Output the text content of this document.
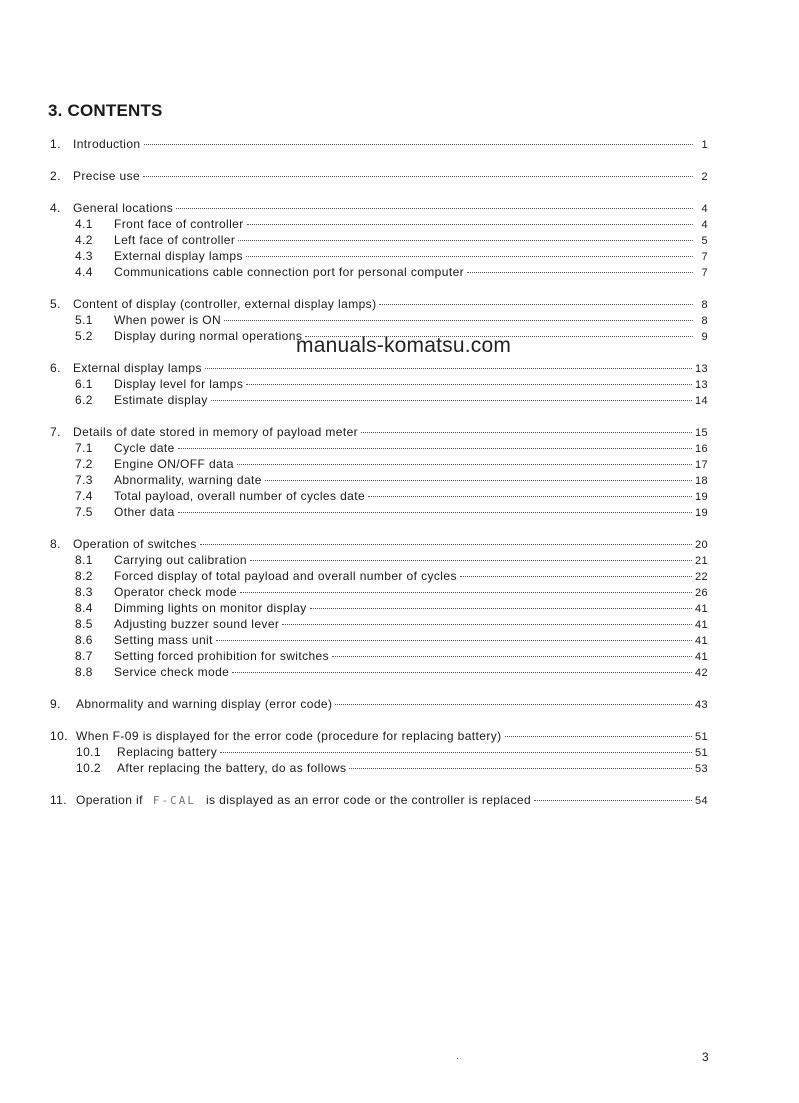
3. CONTENTS
1.	Introduction	1
2.	Precise use	2
4.	General locations	4
4.1	Front face of controller	4
4.2	Left face of controller	5
4.3	External display lamps	7
4.4	Communications cable connection port for personal computer	7
5.	Content of display (controller, external display lamps)	8
5.1	When power is ON	8
5.2	Display during normal operations	9
6.	External display lamps	13
6.1	Display level for lamps	13
6.2	Estimate display	14
7.	Details of date stored in memory of payload meter	15
7.1	Cycle date	16
7.2	Engine ON/OFF data	17
7.3	Abnormality, warning date	18
7.4	Total payload, overall number of cycles date	19
7.5	Other data	19
8.	Operation of switches	20
8.1	Carrying out calibration	21
8.2	Forced display of total payload and overall number of cycles	22
8.3	Operator check mode	26
8.4	Dimming lights on monitor display	41
8.5	Adjusting buzzer sound lever	41
8.6	Setting mass unit	41
8.7	Setting forced prohibition for switches	41
8.8	Service check mode	42
9.	Abnormality and warning display (error code)	43
10. When F-09 is displayed for the error code (procedure for replacing battery)	51
10.1	Replacing battery	51
10.2	After replacing the battery, do as follows	53
11. Operation if F-CAL is displayed as an error code or the controller is replaced	54
manuals-komatsu.com
3
